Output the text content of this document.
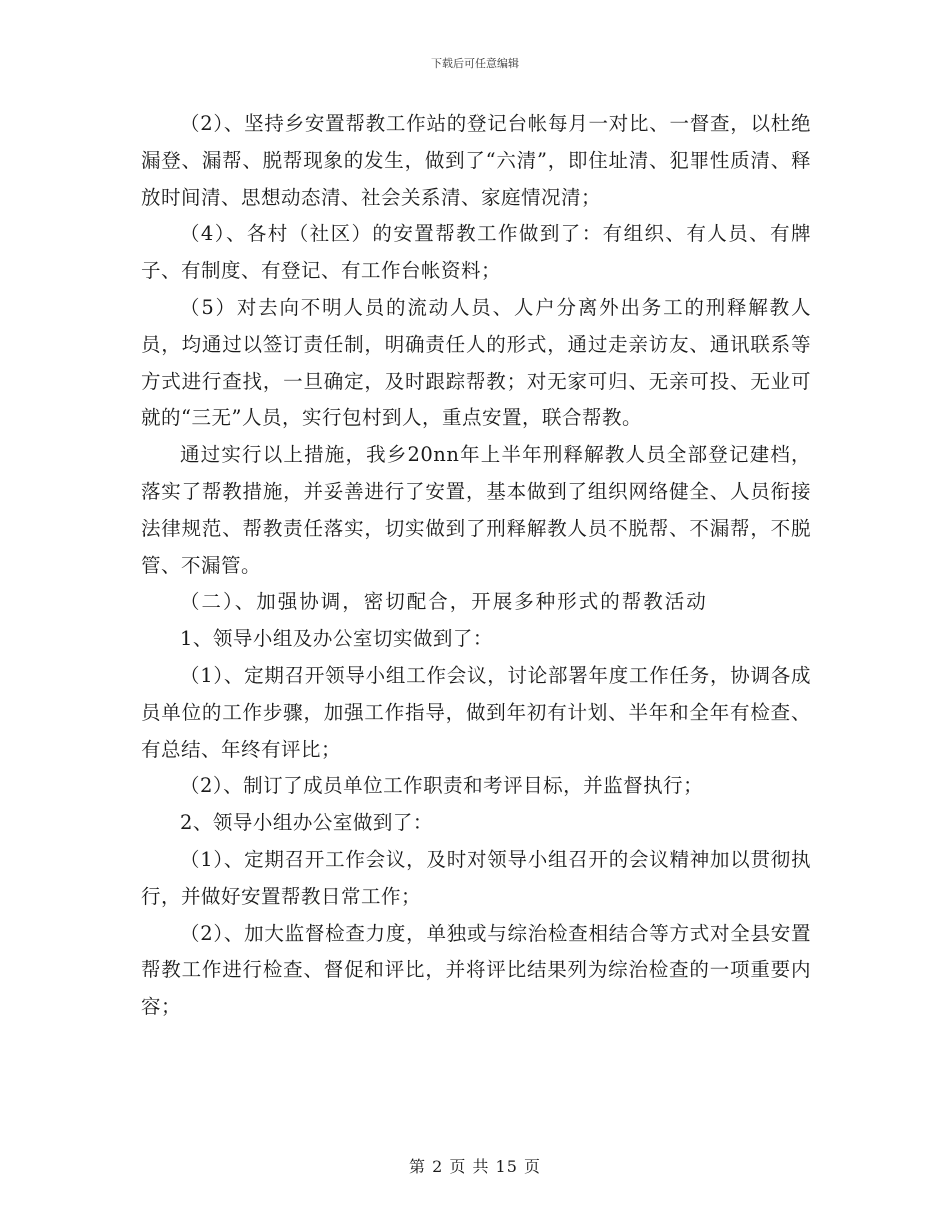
下载后可任意编辑

（2）、坚持乡安置帮教工作站的登记台帐每月一对比、一督查，以杜绝漏登、漏帮、脱帮现象的发生，做到了“六清”，即住址清、犯罪性质清、释放时间清、思想动态清、社会关系清、家庭情况清；

（4）、各村（社区）的安置帮教工作做到了：有组织、有人员、有牌子、有制度、有登记、有工作台帐资料；

（5）对去向不明人员的流动人员、人户分离外出务工的刑释解教人员，均通过以签订责任制，明确责任人的形式，通过走亲访友、通讯联系等方式进行查找，一旦确定，及时跟踪帮教；对无家可归、无亲可投、无业可就的“三无”人员，实行包村到人，重点安置，联合帮教。

通过实行以上措施，我乡20nn年上半年刑释解教人员全部登记建档，落实了帮教措施，并妥善进行了安置，基本做到了组织网络健全、人员衔接法律规范、帮教责任落实，切实做到了刑释解教人员不脱帮、不漏帮，不脱管、不漏管。

（二）、加强协调，密切配合，开展多种形式的帮教活动

1、领导小组及办公室切实做到了：

（1）、定期召开领导小组工作会议，讨论部署年度工作任务，协调各成员单位的工作步骤，加强工作指导，做到年初有计划、半年和全年有检查、有总结、年终有评比；

（2）、制订了成员单位工作职责和考评目标，并监督执行；

2、领导小组办公室做到了：

（1）、定期召开工作会议，及时对领导小组召开的会议精神加以贯彻执行，并做好安置帮教日常工作；

（2）、加大监督检查力度，单独或与综治检查相结合等方式对全县安置帮教工作进行检查、督促和评比，并将评比结果列为综治检查的一项重要内容；

第 2 页 共 15 页
